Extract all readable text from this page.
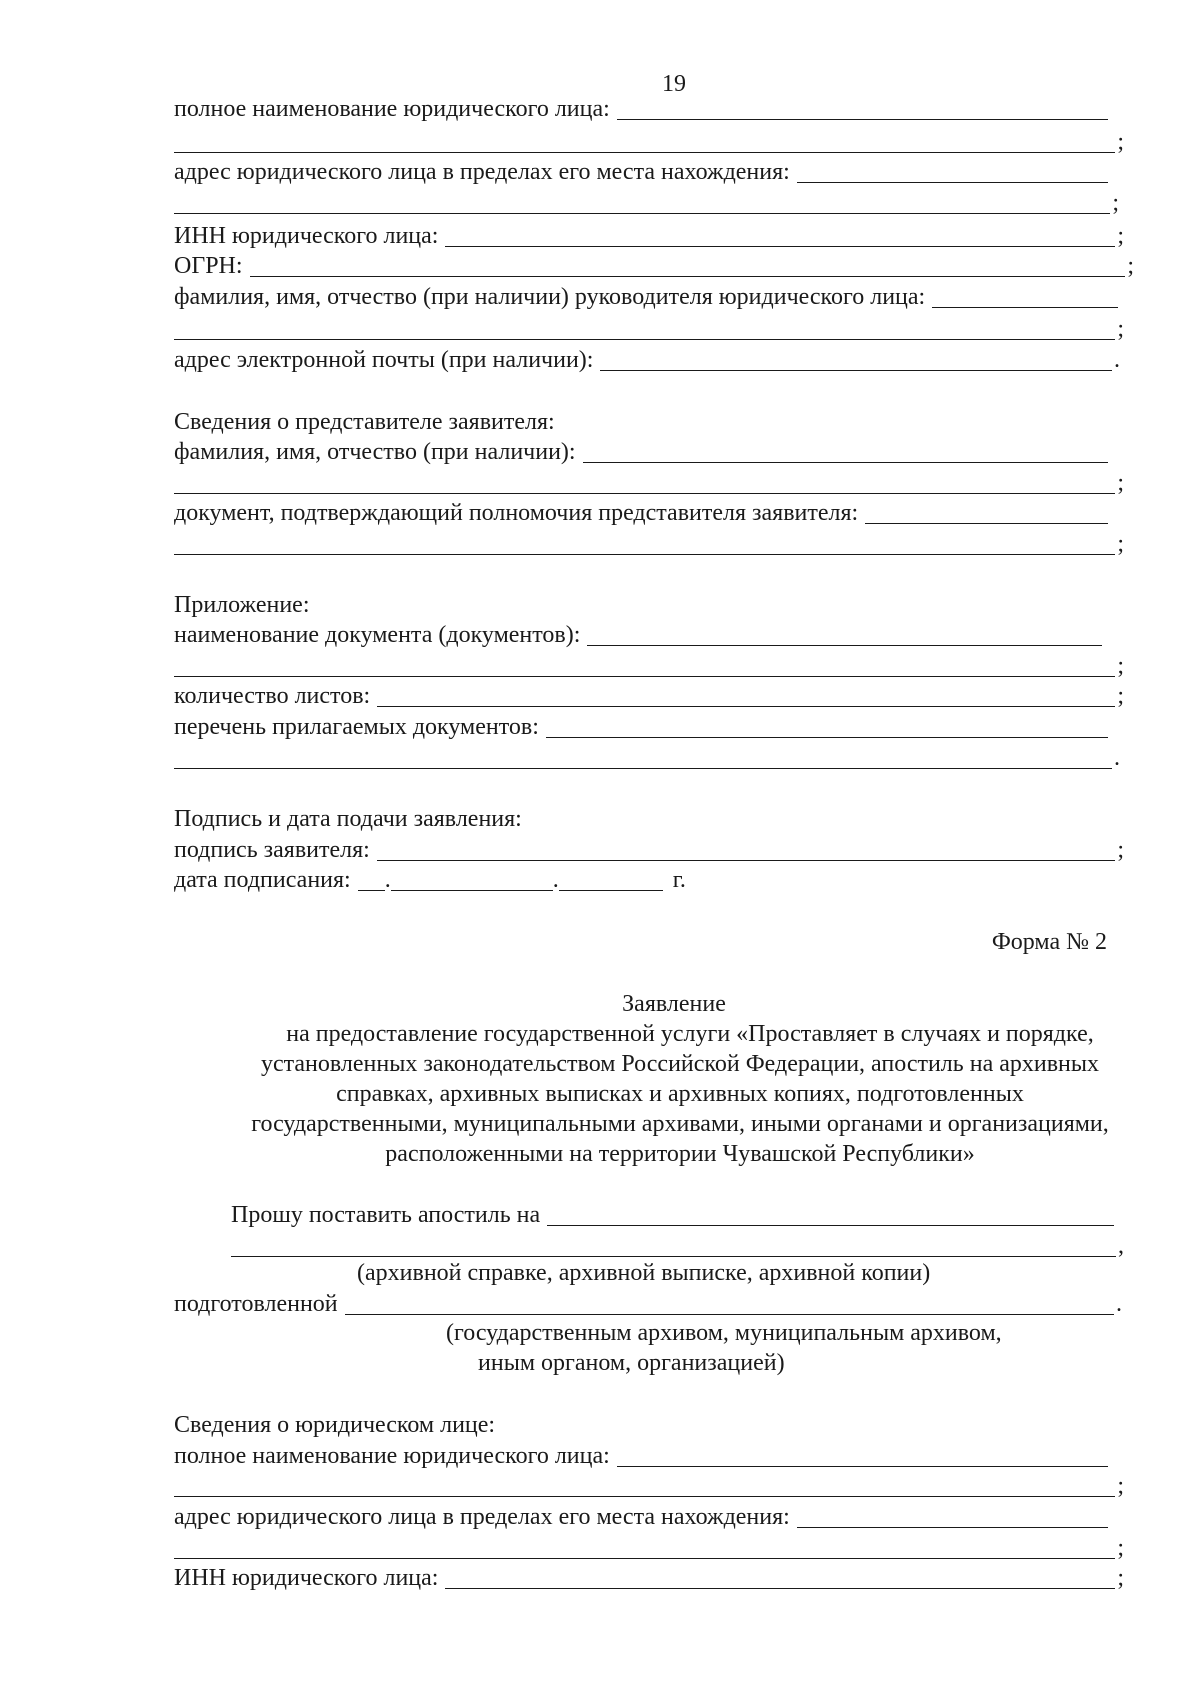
19
полное наименование юридического лица:
;
адрес юридического лица в пределах его места нахождения:
;
ИНН юридического лица:	;
ОГРН:	;
фамилия, имя, отчество (при наличии) руководителя юридического лица:
;
адрес электронной почты (при наличии):	.
Сведения о представителе заявителя:
фамилия, имя, отчество (при наличии):
;
документ, подтверждающий полномочия представителя заявителя:
;
Приложение:
наименование документа (документов):
;
количество листов:	;
перечень прилагаемых документов:
.
Подпись и дата подачи заявления:
подпись заявителя:	;
дата подписания: .	.	г.
Форма № 2
Заявление
на предоставление государственной услуги «Проставляет в случаях и порядке,
установленных законодательством Российской Федерации, апостиль на архивных
справках, архивных выписках и архивных копиях, подготовленных
государственными, муниципальными архивами, иными органами и организациями,
расположенными на территории Чувашской Республики»
Прошу поставить апостиль на
,
(архивной справке, архивной выписке, архивной копии)
подготовленной	.
(государственным архивом, муниципальным архивом,
иным органом, организацией)
Сведения о юридическом лице:
полное наименование юридического лица:
;
адрес юридического лица в пределах его места нахождения:
;
ИНН юридического лица:	;
